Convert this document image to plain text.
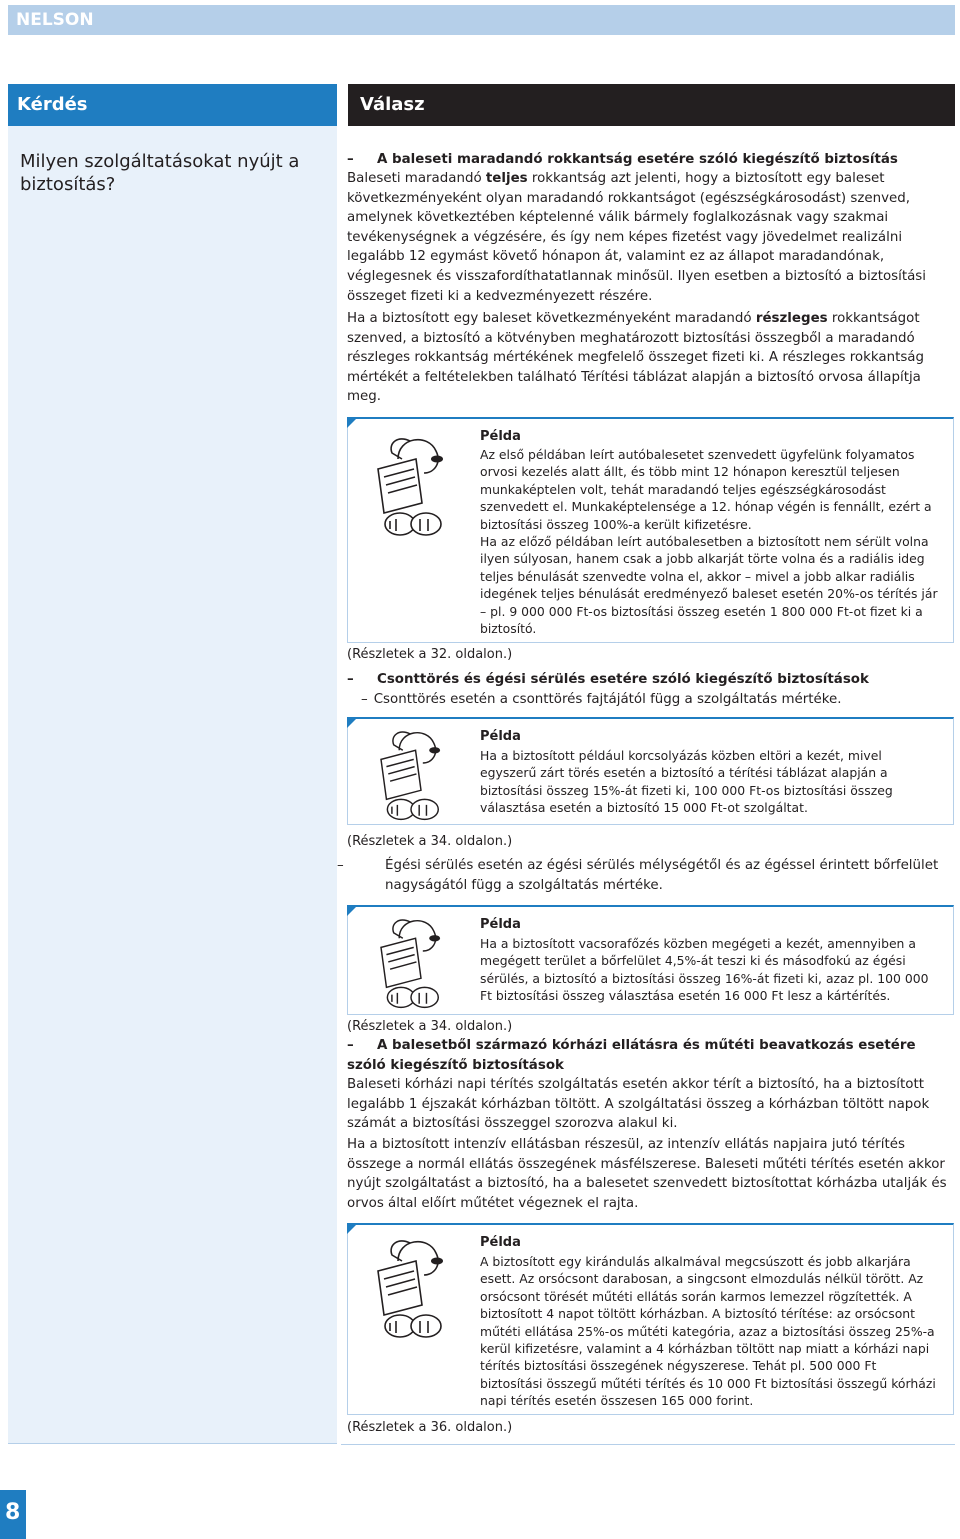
NELSON
Kérdés	Válasz
Milyen szolgáltatásokat nyújt a biztosítás?
– A baleseti maradandó rokkantság esetére szóló kiegészítő biztosítás
Baleseti maradandó teljes rokkantság azt jelenti, hogy a biztosított egy baleset következményeként olyan maradandó rokkantságot (egészségkárosodást) szenved, amelynek következtében képtelenné válik bármely foglalkozásnak vagy szakmai tevékenységnek a végzésére, és így nem képes fizetést vagy jövedelmet realizálni legalább 12 egymást követő hónapon át, valamint ez az állapot maradandónak, véglegesnek és visszafordíthatatlannak minősül. Ilyen esetben a biztosító a biztosítási összeget fizeti ki a kedvezményezett részére.
Ha a biztosított egy baleset következményeként maradandó részleges rokkantságot szenved, a biztosító a kötvényben meghatározott biztosítási összegből a maradandó részleges rokkantság mértékének megfelelő összeget fizeti ki. A részleges rokkantság mértékét a feltételekben található Térítési táblázat alapján a biztosító orvosa állapítja meg.
Példa
Az első példában leírt autóbalesetet szenvedett ügyfelünk folyamatos orvosi kezelés alatt állt, és több mint 12 hónapon keresztül teljesen munkaképtelen volt, tehát maradandó teljes egészségkárosodást szenvedett el. Munkaképtelensége a 12. hónap végén is fennállt, ezért a biztosítási összeg 100%-a került kifizetésre.
Ha az előző példában leírt autóbalesetben a biztosított nem sérült volna ilyen súlyosan, hanem csak a jobb alkarját törte volna és a radiális ideg teljes bénulását szenvedte volna el, akkor – mivel a jobb alkar radiális idegének teljes bénulását eredményező baleset esetén 20%-os térítés jár – pl. 9 000 000 Ft-os biztosítási összeg esetén 1 800 000 Ft-ot fizet ki a biztosító.
(Részletek a 32. oldalon.)
– Csonttörés és égési sérülés esetére szóló kiegészítő biztosítások
– Csonttörés esetén a csonttörés fajtájától függ a szolgáltatás mértéke.
Példa
Ha a biztosított például korcsolyázás közben eltöri a kezét, mivel egyszerű zárt törés esetén a biztosító a térítési táblázat alapján a biztosítási összeg 15%-át fizeti ki, 100 000 Ft-os biztosítási összeg választása esetén a biztosító 15 000 Ft-ot szolgáltat.
(Részletek a 34. oldalon.)
–	Égési sérülés esetén az égési sérülés mélységétől és az égéssel érintett bőrfelület nagyságától függ a szolgáltatás mértéke.
Példa
Ha a biztosított vacsorafőzés közben megégeti a kezét, amennyiben a megégett terület a bőrfelület 4,5%-át teszi ki és másodfokú az égési sérülés, a biztosító a biztosítási összeg 16%-át fizeti ki, azaz pl. 100 000 Ft biztosítási összeg választása esetén 16 000 Ft lesz a kártérítés.
(Részletek a 34. oldalon.)
– A balesetből származó kórházi ellátásra és műtéti beavatkozás esetére szóló kiegészítő biztosítások
Baleseti kórházi napi térítés szolgáltatás esetén akkor térít a biztosító, ha a biztosított legalább 1 éjszakát kórházban töltött. A szolgáltatási összeg a kórházban töltött napok számát a biztosítási összeggel szorozva alakul ki.
Ha a biztosított intenzív ellátásban részesül, az intenzív ellátás napjaira jutó térítés összege a normál ellátás összegének másfélszerese. Baleseti műtéti térítés esetén akkor nyújt szolgáltatást a biztosító, ha a balesetet szenvedett biztosítottat kórházba utalják és orvos által előírt műtétet végeznek el rajta.
Példa
A biztosított egy kirándulás alkalmával megcsúszott és jobb alkarjára esett. Az orsócsont darabosan, a singcsont elmozdulás nélkül törött. Az orsócsont törését műtéti ellátás során karmos lemezzel rögzítették. A biztosított 4 napot töltött kórházban. A biztosító térítése: az orsócsont műtéti ellátása 25%-os műtéti kategória, azaz a biztosítási összeg 25%-a kerül kifizetésre, valamint a 4 kórházban töltött nap miatt a kórházi napi térítés biztosítási összegének négyszerese. Tehát pl. 500 000 Ft biztosítási összegű műtéti térítés és 10 000 Ft biztosítási összegű kórházi napi térítés esetén összesen 165 000 forint.
(Részletek a 36. oldalon.)
8
